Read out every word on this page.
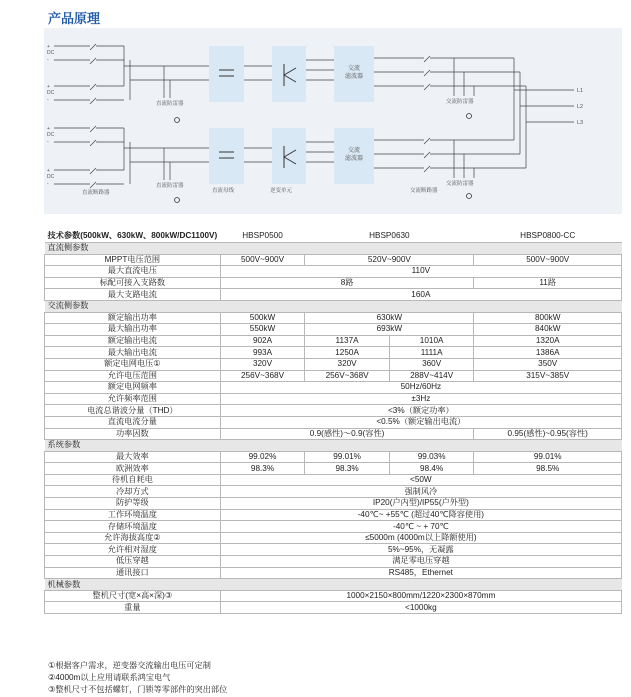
产品原理
+
DC
-
+
DC
-
+
DC
-
+
DC
-
交流
滤波器
交流
滤波器
直流防雷器
直流防雷器
交流防雷器
交流防雷器
直流断路器	直流母线	逆变单元	交流断路器
L1
L2
L3
技术参数(500kW、630kW、800kW/DC1100V)	HBSP0500	HBSP0630		HBSP0800-CC
直流侧参数				
MPPT电压范围	500V~900V	520V~900V		500V~900V
最大直流电压	110V			
标配可接入支路数	8路			11路
最大支路电流	160A			
交流侧参数				
额定输出功率	500kW	630kW		800kW
最大输出功率	550kW	693kW		840kW
额定输出电流	902A	1137A	1010A	1320A
最大输出电流	993A	1250A	1111A	1386A
额定电网电压①	320V	320V	360V	350V
允许电压范围	256V~368V	256V~368V	288V~414V	315V~385V
额定电网频率	50Hz/60Hz			
允许频率范围	±3Hz			
电流总谐波分量（THD）	<3%（额定功率）			
直流电流分量	<0.5%（额定输出电流）			
功率因数	0.9(感性)～0.9(容性)			0.95(感性)~0.95(容性)
系统参数				
最大效率	99.02%	99.01%	99.03%	99.01%
欧洲效率	98.3%	98.3%	98.4%	98.5%
待机自耗电	<50W			
冷却方式	强制风冷			
防护等级	IP20(户内型)/IP55(户外型)			
工作环境温度	-40℃~ +55℃ (超过40℃降容使用)			
存储环境温度	-40℃ ~ + 70℃			
允许海拔高度②	≤5000m (4000m以上降额使用)			
允许相对湿度	5%~95%，无凝露			
低压穿越	满足零电压穿越			
通讯接口	RS485，Ethernet			
机械参数				
整机尺寸(宽×高×深)③	1000×2150×800mm/1220×2300×870mm			
重量	<1000kg			
①根据客户需求，逆变器交流输出电压可定制
②4000m以上应用请联系鸿宝电气
③整机尺寸不包括螺钉，门锁等零部件的突出部位
